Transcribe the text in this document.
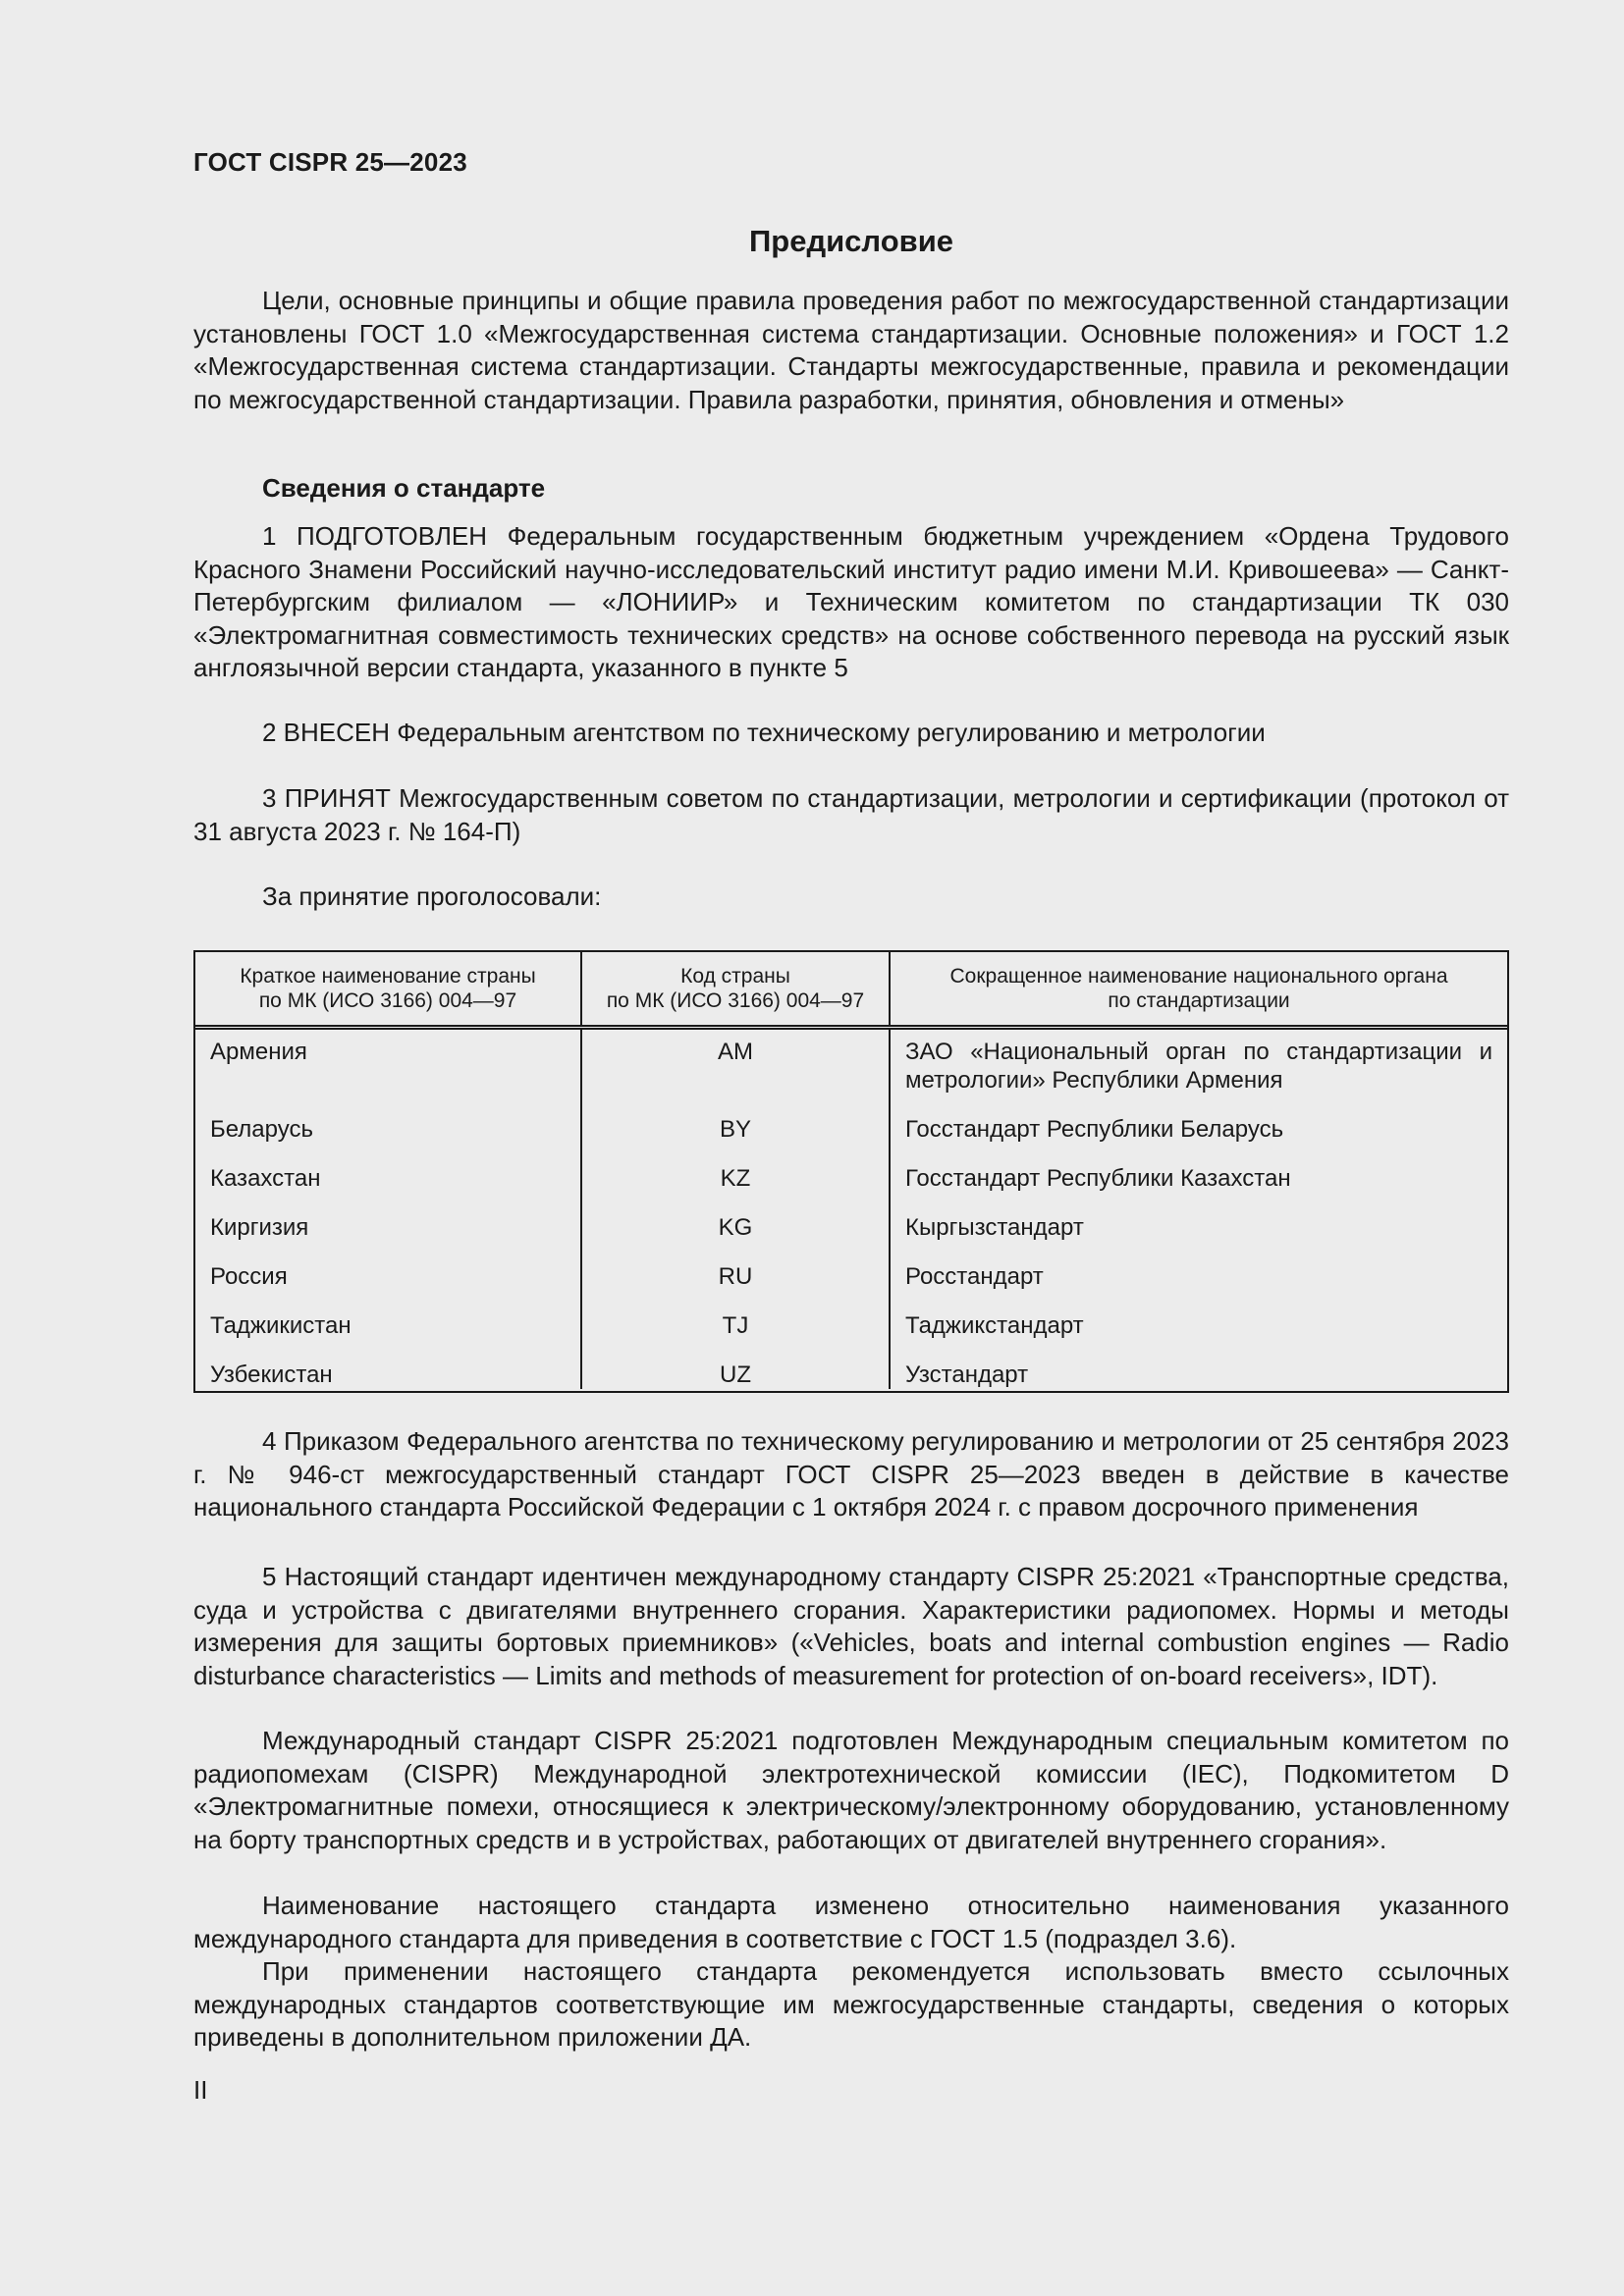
ГОСТ CISPR 25—2023
Предисловие

Цели, основные принципы и общие правила проведения работ по межгосударственной стандартизации установлены ГОСТ 1.0 «Межгосударственная система стандартизации. Основные положения» и ГОСТ 1.2 «Межгосударственная система стандартизации. Стандарты межгосударственные, правила и рекомендации по межгосударственной стандартизации. Правила разработки, принятия, обновления и отмены»

Сведения о стандарте

1 ПОДГОТОВЛЕН Федеральным государственным бюджетным учреждением «Ордена Трудового Красного Знамени Российский научно-исследовательский институт радио имени М.И. Кривошеева» — Санкт-Петербургским филиалом — «ЛОНИИР» и Техническим комитетом по стандартизации ТК 030 «Электромагнитная совместимость технических средств» на основе собственного перевода на русский язык англоязычной версии стандарта, указанного в пункте 5

2 ВНЕСЕН Федеральным агентством по техническому регулированию и метрологии

3 ПРИНЯТ Межгосударственным советом по стандартизации, метрологии и сертификации (протокол от 31 августа 2023 г. № 164-П)

За принятие проголосовали:
Краткое наименование страны
по МК (ИСО 3166) 004—97
Код страны
по МК (ИСО 3166) 004—97
Сокращенное наименование национального органа
по стандартизации
Армения
Беларусь
Казахстан
Киргизия
Россия
Таджикистан
Узбекистан
AM
BY
KZ
KG
RU
TJ
UZ
ЗАО «Национальный орган по стандартизации и метрологии» Республики Армения
Госстандарт Республики Беларусь
Госстандарт Республики Казахстан
Кыргызстандарт
Росстандарт
Таджикстандарт
Узстандарт

4 Приказом Федерального агентства по техническому регулированию и метрологии от 25 сентября 2023 г. № 946-ст межгосударственный стандарт ГОСТ CISPR 25—2023 введен в действие в качестве национального стандарта Российской Федерации с 1 октября 2024 г. с правом досрочного применения

5 Настоящий стандарт идентичен международному стандарту CISPR 25:2021 «Транспортные средства, суда и устройства с двигателями внутреннего сгорания. Характеристики радиопомех. Нормы и методы измерения для защиты бортовых приемников» («Vehicles, boats and internal combustion engines — Radio disturbance characteristics — Limits and methods of measurement for protection of on-board receivers», IDT).

Международный стандарт CISPR 25:2021 подготовлен Международным специальным комитетом по радиопомехам (CISPR) Международной электротехнической комиссии (IEC), Подкомитетом D «Электромагнитные помехи, относящиеся к электрическому/электронному оборудованию, установленному на борту транспортных средств и в устройствах, работающих от двигателей внутреннего сгорания».

Наименование настоящего стандарта изменено относительно наименования указанного международного стандарта для приведения в соответствие с ГОСТ 1.5 (подраздел 3.6).

При применении настоящего стандарта рекомендуется использовать вместо ссылочных международных стандартов соответствующие им межгосударственные стандарты, сведения о которых приведены в дополнительном приложении ДА.

II
